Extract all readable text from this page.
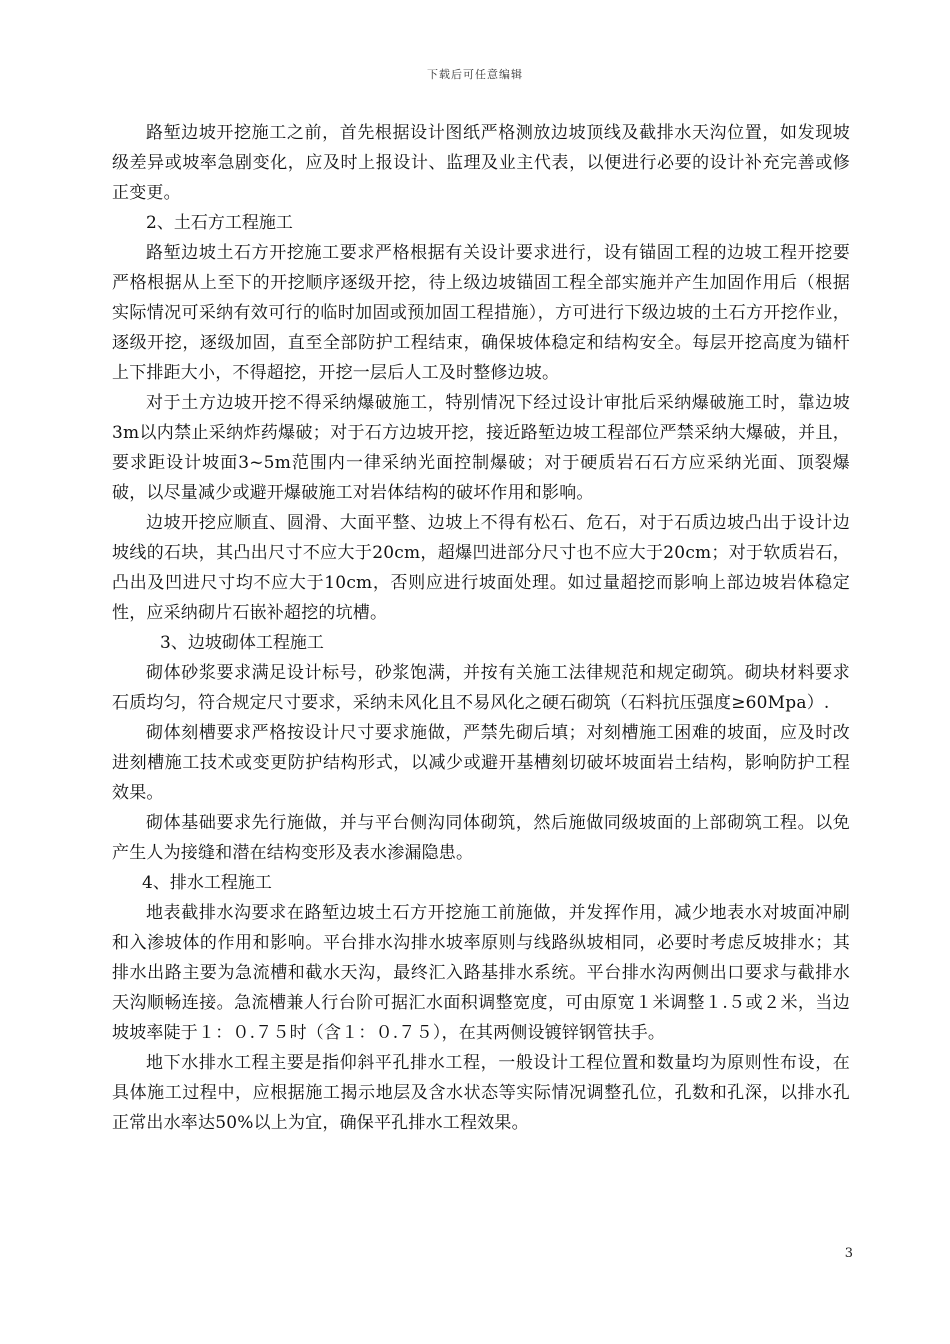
下载后可任意编辑

路堑边坡开挖施工之前，首先根据设计图纸严格测放边坡顶线及截排水天沟位置，如发现坡级差异或坡率急剧变化，应及时上报设计、监理及业主代表，以便进行必要的设计补充完善或修正变更。

2、土石方工程施工

路堑边坡土石方开挖施工要求严格根据有关设计要求进行，设有锚固工程的边坡工程开挖要严格根据从上至下的开挖顺序逐级开挖，待上级边坡锚固工程全部实施并产生加固作用后（根据实际情况可采纳有效可行的临时加固或预加固工程措施），方可进行下级边坡的土石方开挖作业，逐级开挖，逐级加固，直至全部防护工程结束，确保坡体稳定和结构安全。每层开挖高度为锚杆上下排距大小，不得超挖，开挖一层后人工及时整修边坡。

对于土方边坡开挖不得采纳爆破施工，特别情况下经过设计审批后采纳爆破施工时，靠边坡3m以内禁止采纳炸药爆破；对于石方边坡开挖，接近路堑边坡工程部位严禁采纳大爆破，并且，要求距设计坡面3~5m范围内一律采纳光面控制爆破；对于硬质岩石石方应采纳光面、顶裂爆破，以尽量减少或避开爆破施工对岩体结构的破坏作用和影响。

边坡开挖应顺直、圆滑、大面平整、边坡上不得有松石、危石，对于石质边坡凸出于设计边坡线的石块，其凸出尺寸不应大于20cm，超爆凹进部分尺寸也不应大于20cm；对于软质岩石，凸出及凹进尺寸均不应大于10cm，否则应进行坡面处理。如过量超挖而影响上部边坡岩体稳定性，应采纳砌片石嵌补超挖的坑槽。

3、边坡砌体工程施工

砌体砂浆要求满足设计标号，砂浆饱满，并按有关施工法律规范和规定砌筑。砌块材料要求石质均匀，符合规定尺寸要求，采纳未风化且不易风化之硬石砌筑（石料抗压强度≥60Mpa）.

砌体刻槽要求严格按设计尺寸要求施做，严禁先砌后填；对刻槽施工困难的坡面，应及时改进刻槽施工技术或变更防护结构形式，以减少或避开基槽刻切破坏坡面岩土结构，影响防护工程效果。

砌体基础要求先行施做，并与平台侧沟同体砌筑，然后施做同级坡面的上部砌筑工程。以免产生人为接缝和潜在结构变形及表水渗漏隐患。

4、排水工程施工

地表截排水沟要求在路堑边坡土石方开挖施工前施做，并发挥作用，减少地表水对坡面冲刷和入渗坡体的作用和影响。平台排水沟排水坡率原则与线路纵坡相同，必要时考虑反坡排水；其排水出路主要为急流槽和截水天沟，最终汇入路基排水系统。平台排水沟两侧出口要求与截排水天沟顺畅连接。急流槽兼人行台阶可据汇水面积调整宽度，可由原宽１米调整１.５或２米，当边坡坡率陡于１：０.７５时（含１：０.７５），在其两侧设镀锌钢管扶手。

地下水排水工程主要是指仰斜平孔排水工程，一般设计工程位置和数量均为原则性布设，在具体施工过程中，应根据施工揭示地层及含水状态等实际情况调整孔位，孔数和孔深，以排水孔正常出水率达50%以上为宜，确保平孔排水工程效果。

3
